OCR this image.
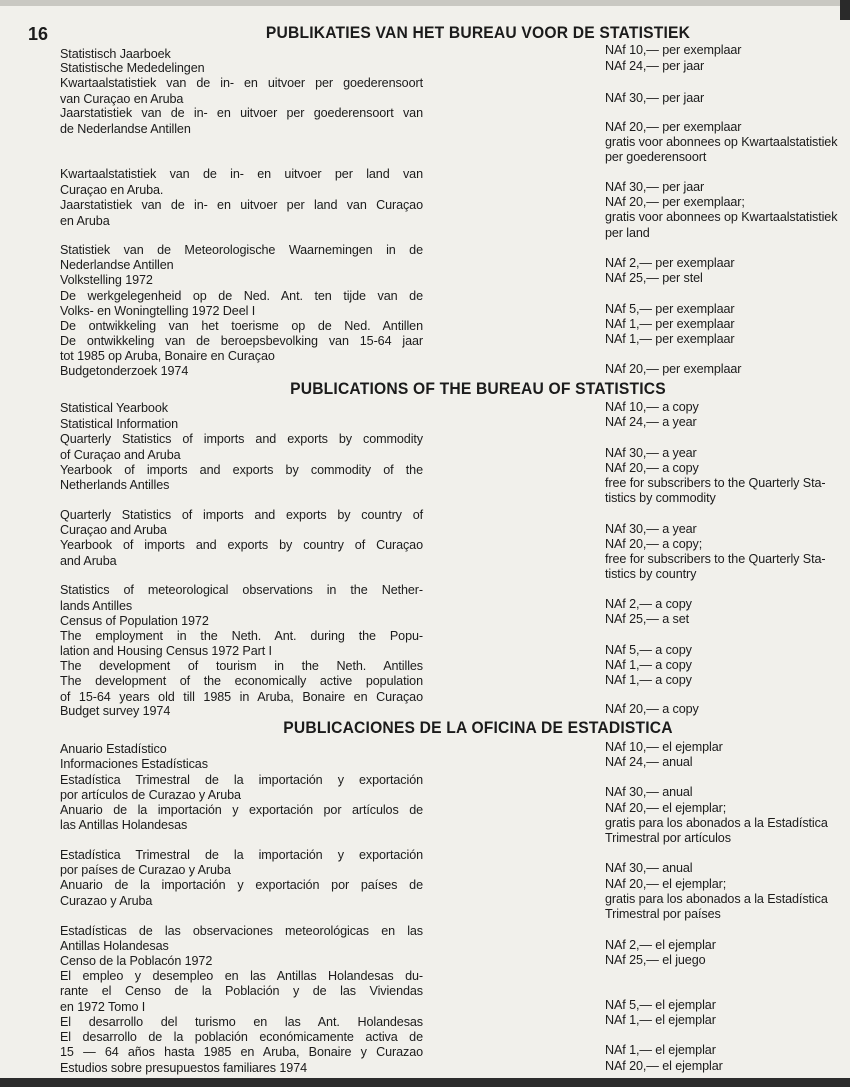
16	PUBLIKATIES VAN HET BUREAU VOOR DE STATISTIEK
Statistisch Jaarboek
Statistische Mededelingen
Kwartaalstatistiek van de in- en uitvoer per goederensoort
van Curaçao en Aruba
Jaarstatistiek van de in- en uitvoer per goederensoort van
de Nederlandse Antillen
Kwartaalstatistiek van de in- en uitvoer per land van
Curaçao en Aruba.
Jaarstatistiek van de in- en uitvoer per land van Curaçao
en Aruba
Statistiek van de Meteorologische Waarnemingen in de
Nederlandse Antillen
Volkstelling 1972
De werkgelegenheid op de Ned. Ant. ten tijde van de
Volks- en Woningtelling 1972 Deel I
De ontwikkeling van het toerisme op de Ned. Antillen
De ontwikkeling van de beroepsbevolking van 15-64 jaar
tot 1985 op Aruba, Bonaire en Curaçao
Budgetonderzoek 1974
NAf 10,— per exemplaar
NAf 24,— per jaar
NAf 30,— per jaar
NAf 20,— per exemplaar
gratis voor abonnees op Kwartaalstatistiek
per goederensoort
NAf 30,— per jaar
NAf 20,— per exemplaar;
gratis voor abonnees op Kwartaalstatistiek
per land
NAf 2,— per exemplaar
NAf 25,— per stel
NAf 5,— per exemplaar
NAf 1,— per exemplaar
NAf 1,— per exemplaar
NAf 20,— per exemplaar
PUBLICATIONS OF THE BUREAU OF STATISTICS
Statistical Yearbook
Statistical Information
Quarterly Statistics of imports and exports by commodity
of Curaçao and Aruba
Yearbook of imports and exports by commodity of the
Netherlands Antilles
Quarterly Statistics of imports and exports by country of
Curaçao and Aruba
Yearbook of imports and exports by country of Curaçao
and Aruba
Statistics of meteorological observations in the Nether-
lands Antilles
Census of Population 1972
The employment in the Neth. Ant. during the Popu-
lation and Housing Census 1972 Part I
The development of tourism in the Neth. Antilles
The development of the economically active population
of 15-64 years old till 1985 in Aruba, Bonaire en Curaçao
Budget survey 1974
NAf 10,— a copy
NAf 24,— a year
NAf 30,— a year
NAf 20,— a copy
free for subscribers to the Quarterly Sta-
tistics by commodity
NAf 30,— a year
NAf 20,— a copy;
free for subscribers to the Quarterly Sta-
tistics by country
NAf 2,— a copy
NAf 25,— a set
NAf 5,— a copy
NAf 1,— a copy
NAf 1,— a copy
NAf 20,— a copy
PUBLICACIONES DE LA OFICINA DE ESTADISTICA
Anuario Estadístico
Informaciones Estadísticas
Estadística Trimestral de la importación y exportación
por artículos de Curazao y Aruba
Anuario de la importación y exportación por artículos de
las Antillas Holandesas
Estadística Trimestral de la importación y exportación
por países de Curazao y Aruba
Anuario de la importación y exportación por países de
Curazao y Aruba
Estadísticas de las observaciones meteorológicas en las
Antillas Holandesas
Censo de la Poblacón 1972
El empleo y desempleo en las Antillas Holandesas du-
rante el Censo de la Población y de las Viviendas
en 1972 Tomo I
El desarrollo del turismo en las Ant. Holandesas
El desarrollo de la población económicamente activa de
15 — 64 años hasta 1985 en Aruba, Bonaire y Curazao
Estudios sobre presupuestos familiares 1974
NAf 10,— el ejemplar
NAf 24,— anual
NAf 30,— anual
NAf 20,— el ejemplar;
gratis para los abonados a la Estadística
Trimestral por artículos
NAf 30,— anual
NAf 20,— el ejemplar;
gratis para los abonados a la Estadística
Trimestral por países
NAf 2,— el ejemplar
NAf 25,— el juego
NAf 5,— el ejemplar
NAf 1,— el ejemplar
NAf 1,— el ejemplar
NAf 20,— el ejemplar
